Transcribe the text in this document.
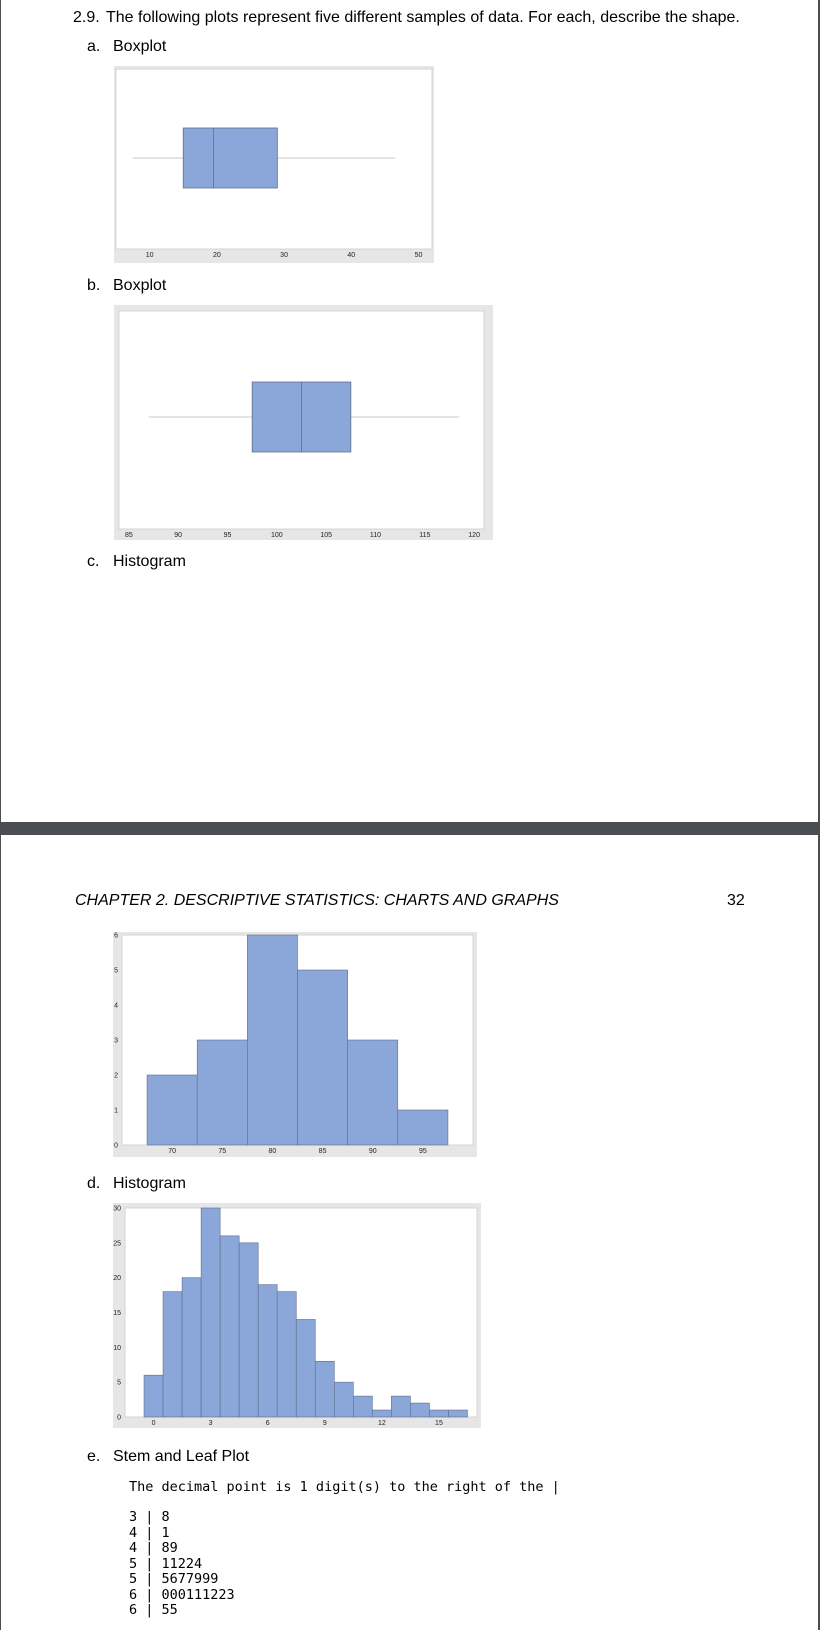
2.9. The following plots represent five different samples of data. For each, describe the shape.
a. Boxplot
10	20	30	40	50
b. Boxplot
85	90	95	100	105	110	115	120
c. Histogram
CHAPTER 2. DESCRIPTIVE STATISTICS: CHARTS AND GRAPHS	32
70	75	80	85	90	95
0
1
2
3
4
5
6
d. Histogram
0	3	6	9	12	15
0
5
10
15
20
25
30
e. Stem and Leaf Plot
The decimal point is 1 digit(s) to the right of the |
3 | 8
4 | 1
4 | 89
5 | 11224
5 | 5677999
6 | 000111223
6 | 55
